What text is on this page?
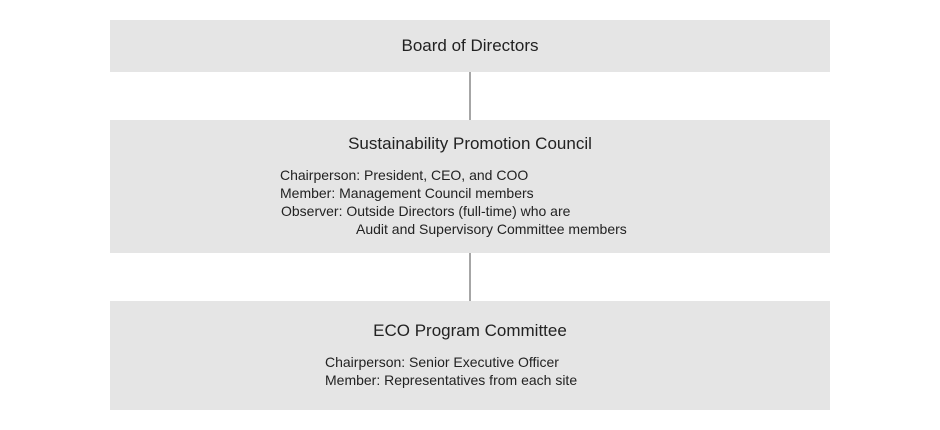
Board of Directors
Sustainability Promotion Council
Chairperson: President, CEO, and COO
Member: Management Council members
Observer: Outside Directors (full-time) who are
Audit and Supervisory Committee members
ECO Program Committee
Chairperson: Senior Executive Officer
Member: Representatives from each site
